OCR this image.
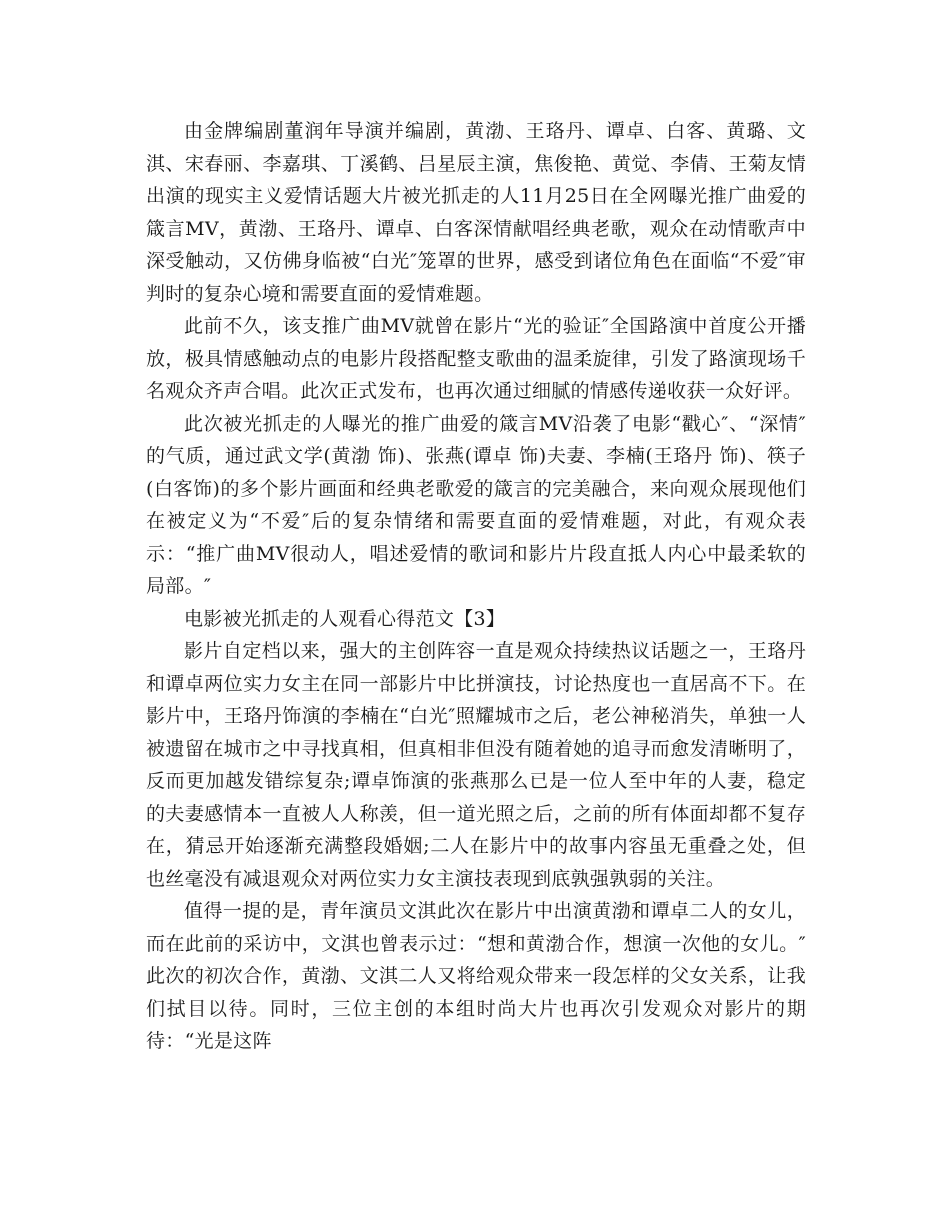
由金牌编剧董润年导演并编剧，黄渤、王珞丹、谭卓、白客、黄璐、文淇、宋春丽、李嘉琪、丁溪鹤、吕星辰主演，焦俊艳、黄觉、李倩、王菊友情出演的现实主义爱情话题大片被光抓走的人11月25日在全网曝光推广曲爱的箴言MV，黄渤、王珞丹、谭卓、白客深情献唱经典老歌，观众在动情歌声中深受触动，又仿佛身临被“白光″笼罩的世界，感受到诸位角色在面临“不爱″审判时的复杂心境和需要直面的爱情难题。

此前不久，该支推广曲MV就曾在影片“光的验证″全国路演中首度公开播放，极具情感触动点的电影片段搭配整支歌曲的温柔旋律，引发了路演现场千名观众齐声合唱。此次正式发布，也再次通过细腻的情感传递收获一众好评。

此次被光抓走的人曝光的推广曲爱的箴言MV沿袭了电影“戳心″、“深情″的气质，通过武文学(黄渤 饰)、张燕(谭卓 饰)夫妻、李楠(王珞丹 饰)、筷子(白客饰)的多个影片画面和经典老歌爱的箴言的完美融合，来向观众展现他们在被定义为“不爱″后的复杂情绪和需要直面的爱情难题，对此，有观众表示：“推广曲MV很动人，唱述爱情的歌词和影片片段直抵人内心中最柔软的局部。″

电影被光抓走的人观看心得范文【3】

影片自定档以来，强大的主创阵容一直是观众持续热议话题之一，王珞丹和谭卓两位实力女主在同一部影片中比拼演技，讨论热度也一直居高不下。在影片中，王珞丹饰演的李楠在“白光″照耀城市之后，老公神秘消失，单独一人被遗留在城市之中寻找真相，但真相非但没有随着她的追寻而愈发清晰明了，反而更加越发错综复杂;谭卓饰演的张燕那么已是一位人至中年的人妻，稳定的夫妻感情本一直被人人称羡，但一道光照之后，之前的所有体面却都不复存在，猜忌开始逐渐充满整段婚姻;二人在影片中的故事内容虽无重叠之处，但也丝毫没有减退观众对两位实力女主演技表现到底孰强孰弱的关注。

值得一提的是，青年演员文淇此次在影片中出演黄渤和谭卓二人的女儿，而在此前的采访中，文淇也曾表示过：“想和黄渤合作，想演一次他的女儿。″此次的初次合作，黄渤、文淇二人又将给观众带来一段怎样的父女关系，让我们拭目以待。同时，三位主创的本组时尚大片也再次引发观众对影片的期待：“光是这阵
